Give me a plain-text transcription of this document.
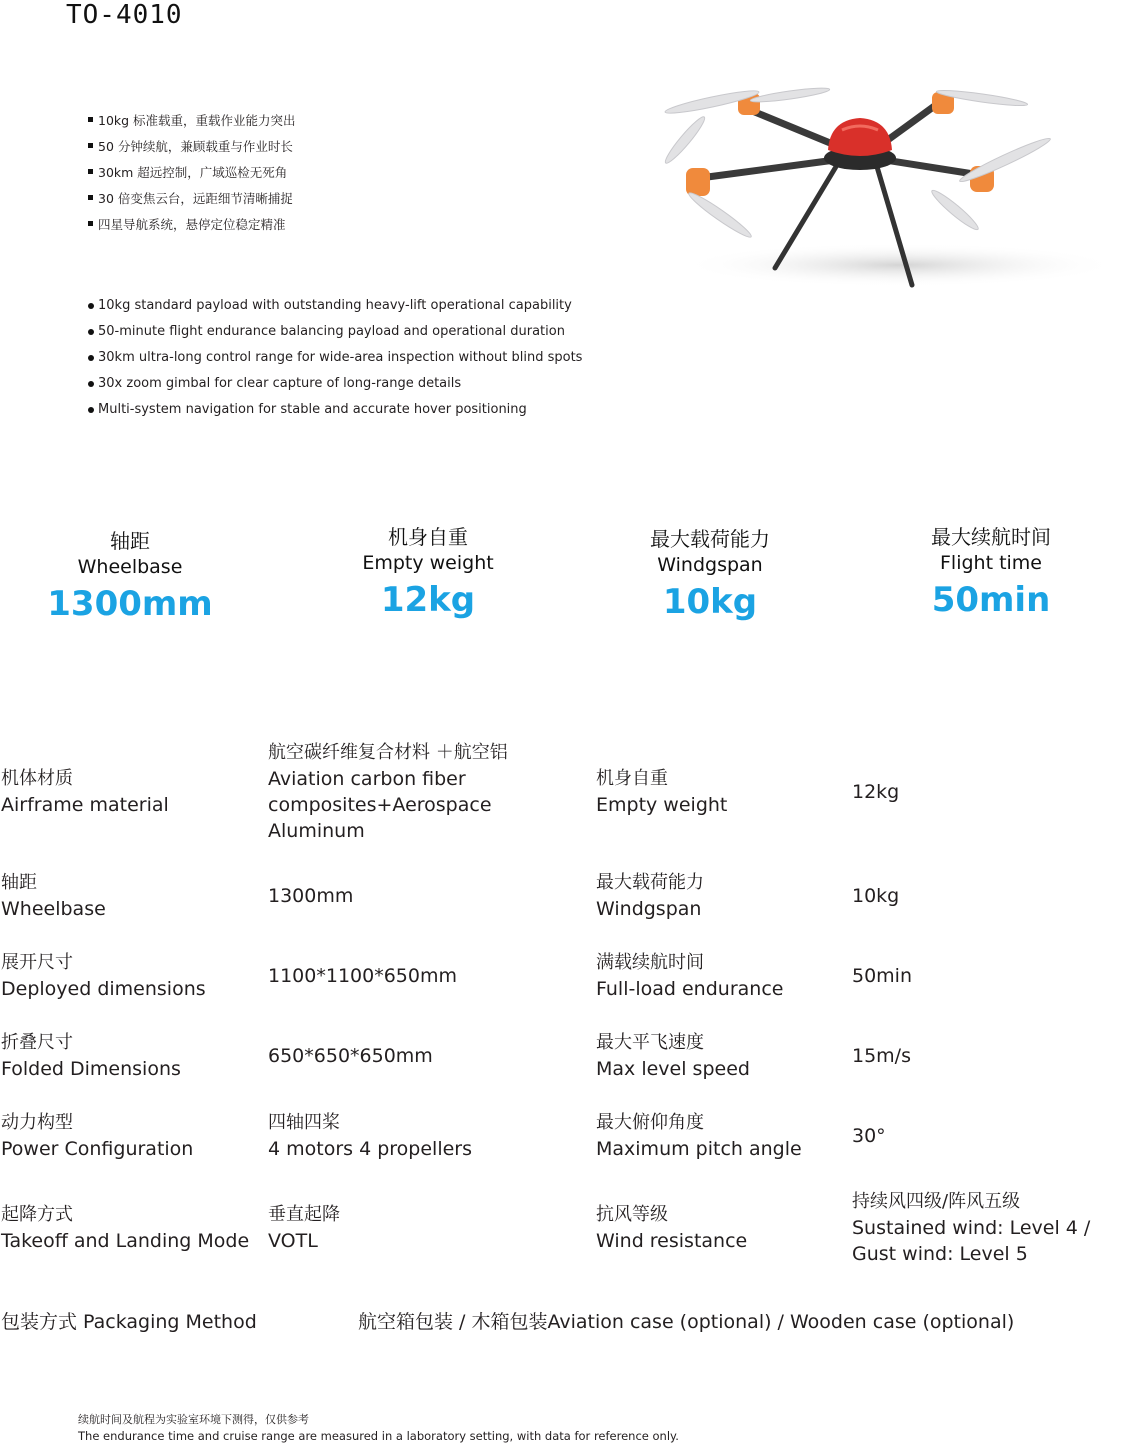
TO-4010
10kg 标准载重，重载作业能力突出
50 分钟续航，兼顾载重与作业时长
30km 超远控制，广域巡检无死角
30 倍变焦云台，远距细节清晰捕捉
四星导航系统，悬停定位稳定精准
10kg standard payload with outstanding heavy-lift operational capability
50-minute flight endurance balancing payload and operational duration
30km ultra-long control range for wide-area inspection without blind spots
30x zoom gimbal for clear capture of long-range details
Multi-system navigation for stable and accurate hover positioning
轴距
Wheelbase
1300mm
机身自重
Empty weight
12kg
最大载荷能力
Windgspan
10kg
最大续航时间
Flight time
50min
机体材质
Airframe material
航空碳纤维复合材料 ＋航空铝
Aviation carbon fiber composites+Aerospace Aluminum
机身自重
Empty weight
12kg
轴距
Wheelbase
1300mm
最大载荷能力
Windgspan
10kg
展开尺寸
Deployed dimensions
1100*1100*650mm
满载续航时间
Full-load endurance
50min
折叠尺寸
Folded Dimensions
650*650*650mm
最大平飞速度
Max level speed
15m/s
动力构型
Power Configuration
四轴四桨
4 motors 4 propellers
最大俯仰角度
Maximum pitch angle
30°
起降方式
Takeoff and Landing Mode
垂直起降
VOTL
抗风等级
Wind resistance
持续风四级/阵风五级
Sustained wind: Level 4 / Gust wind: Level 5
包装方式 Packaging Method	航空箱包装 / 木箱包装Aviation case (optional) / Wooden case (optional)
续航时间及航程为实验室环境下测得，仅供参考
The endurance time and cruise range are measured in a laboratory setting, with data for reference only.
